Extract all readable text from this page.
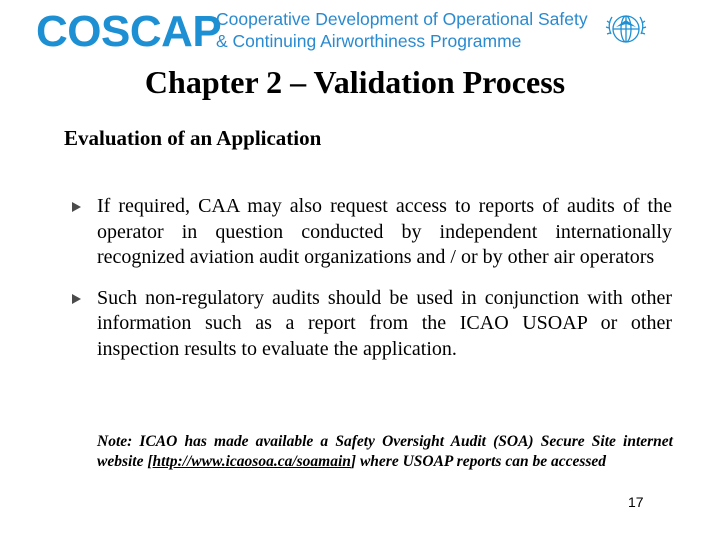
COSCAP
Cooperative Development of Operational Safety
& Continuing Airworthiness Programme
Chapter 2 – Validation Process
Evaluation of an Application
If required, CAA may also request access to reports of audits of the operator in question conducted by independent internationally recognized aviation audit organizations and / or by other air operators
Such non-regulatory audits should be used in conjunction with other information such as a report from the ICAO USOAP or other inspection results to evaluate the application.
Note: ICAO has made available a Safety Oversight Audit (SOA) Secure Site internet website [http://www.icaosoa.ca/soamain] where USOAP reports can be accessed
17
